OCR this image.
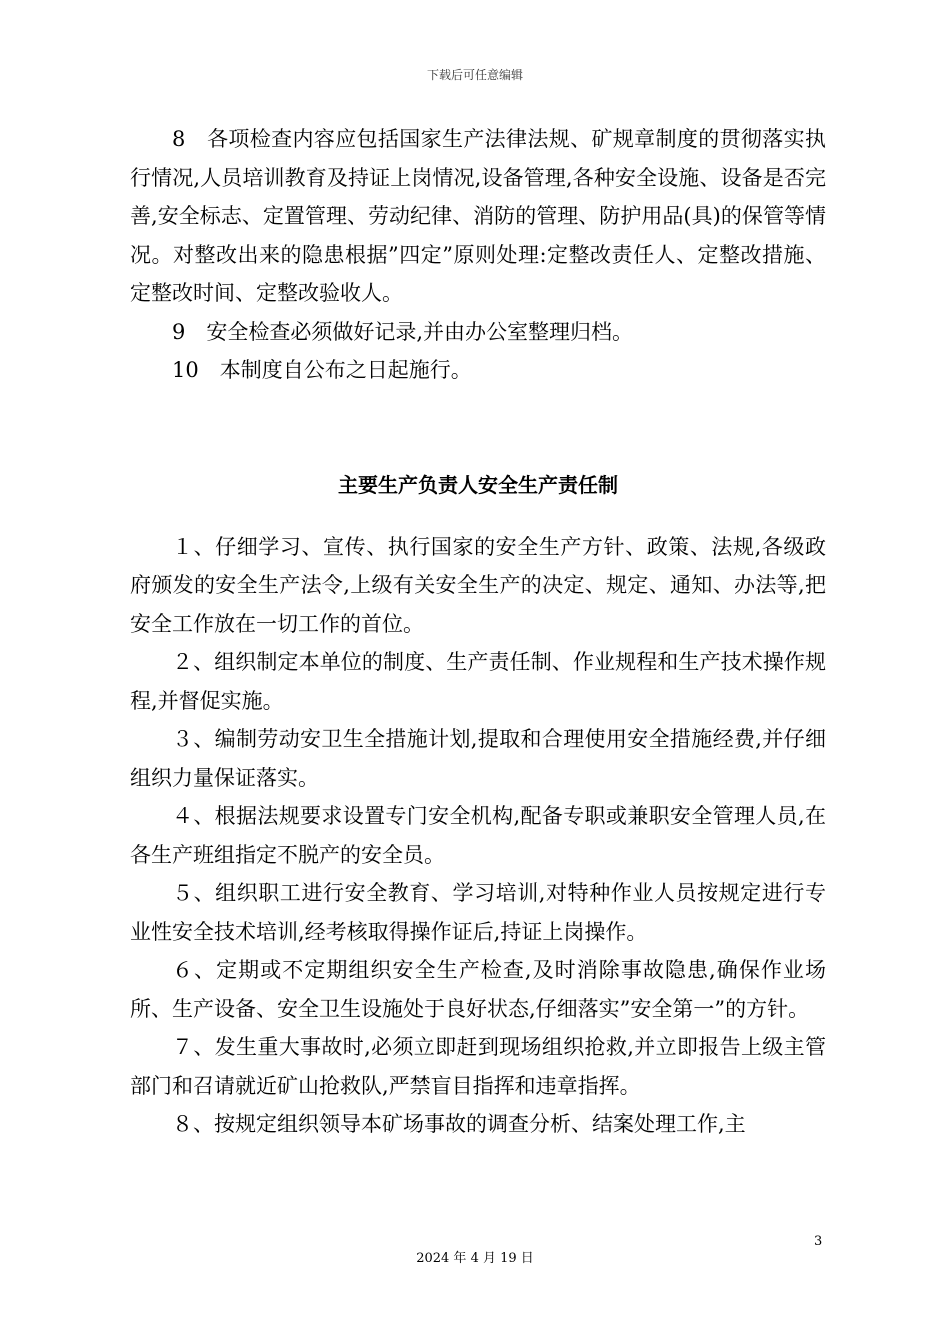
下载后可任意编辑

8　各项检查内容应包括国家生产法律法规、矿规章制度的贯彻落实执行情况,人员培训教育及持证上岗情况,设备管理,各种安全设施、设备是否完善,安全标志、定置管理、劳动纪律、消防的管理、防护用品(具)的保管等情况。对整改出来的隐患根据”四定”原则处理:定整改责任人、定整改措施、定整改时间、定整改验收人。

9　安全检查必须做好记录,并由办公室整理归档。

10　本制度自公布之日起施行。

主要生产负责人安全生产责任制

１、仔细学习、宣传、执行国家的安全生产方针、政策、法规,各级政府颁发的安全生产法令,上级有关安全生产的决定、规定、通知、办法等,把安全工作放在一切工作的首位。

２、组织制定本单位的制度、生产责任制、作业规程和生产技术操作规程,并督促实施。

３、编制劳动安卫生全措施计划,提取和合理使用安全措施经费,并仔细组织力量保证落实。

４、根据法规要求设置专门安全机构,配备专职或兼职安全管理人员,在各生产班组指定不脱产的安全员。

５、组织职工进行安全教育、学习培训,对特种作业人员按规定进行专业性安全技术培训,经考核取得操作证后,持证上岗操作。

６、定期或不定期组织安全生产检查,及时消除事故隐患,确保作业场所、生产设备、安全卫生设施处于良好状态,仔细落实”安全第一”的方针。

７、发生重大事故时,必须立即赶到现场组织抢救,并立即报告上级主管部门和召请就近矿山抢救队,严禁盲目指挥和违章指挥。

８、按规定组织领导本矿场事故的调查分析、结案处理工作,主

3
2024 年 4 月 19 日
